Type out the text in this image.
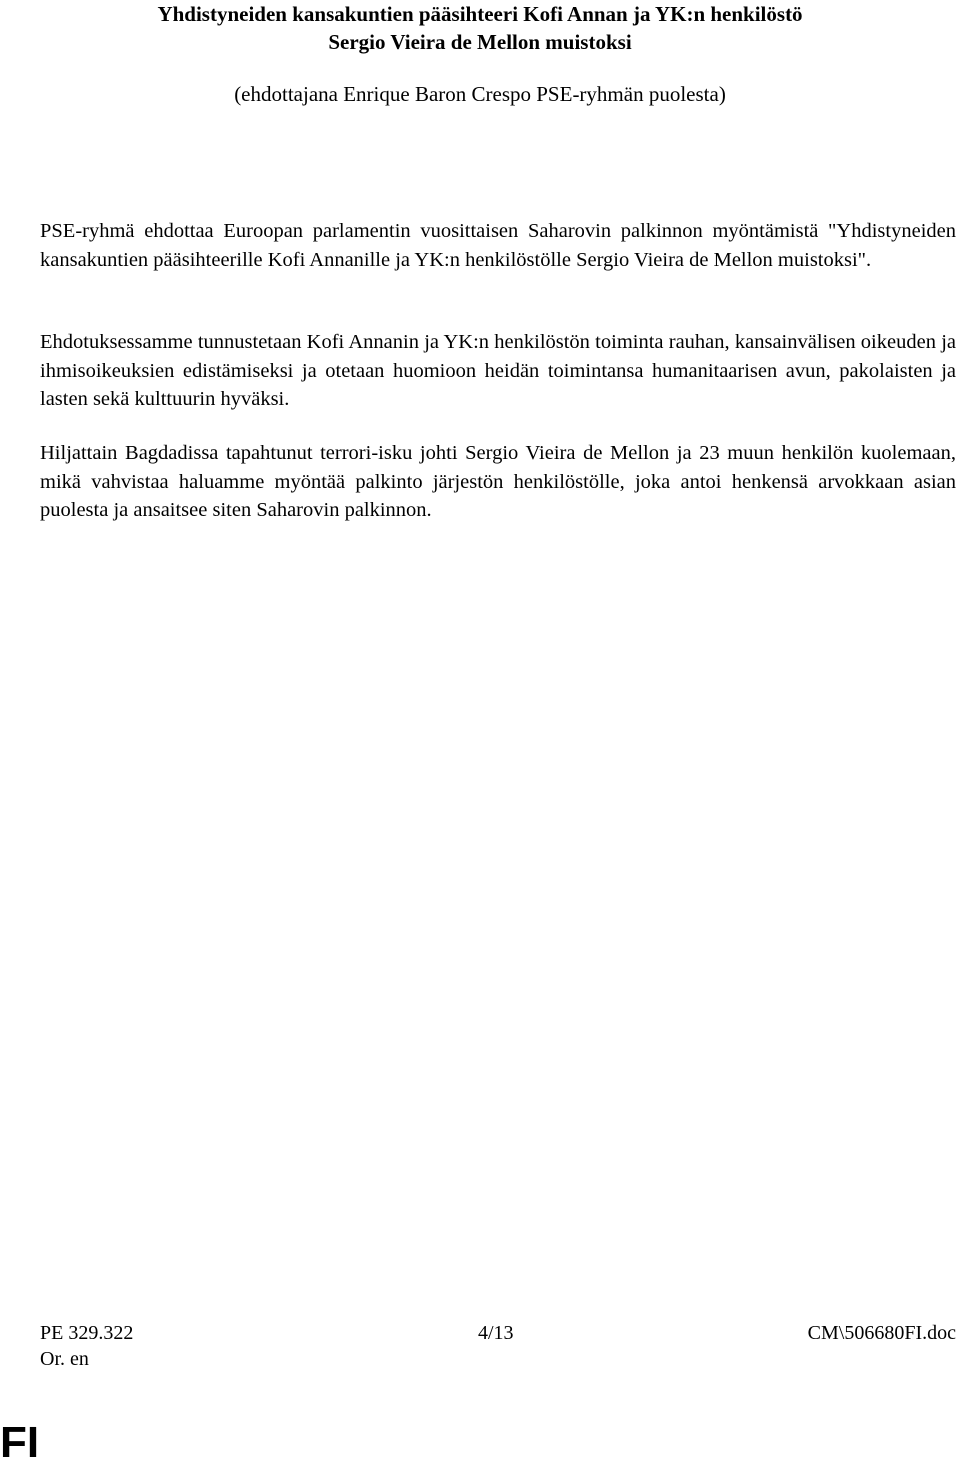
Yhdistyneiden kansakuntien pääsihteeri Kofi Annan ja YK:n henkilöstö
Sergio Vieira de Mellon muistoksi
(ehdottajana Enrique Baron Crespo PSE-ryhmän puolesta)

PSE-ryhmä ehdottaa Euroopan parlamentin vuosittaisen Saharovin palkinnon myöntämistä "Yhdistyneiden kansakuntien pääsihteerille Kofi Annanille ja YK:n henkilöstölle Sergio Vieira de Mellon muistoksi".

Ehdotuksessamme tunnustetaan Kofi Annanin ja YK:n henkilöstön toiminta rauhan, kansainvälisen oikeuden ja ihmisoikeuksien edistämiseksi ja otetaan huomioon heidän toimintansa humanitaarisen avun, pakolaisten ja lasten sekä kulttuurin hyväksi.

Hiljattain Bagdadissa tapahtunut terrori-isku johti Sergio Vieira de Mellon ja 23 muun henkilön kuolemaan, mikä vahvistaa haluamme myöntää palkinto järjestön henkilöstölle, joka antoi henkensä arvokkaan asian puolesta ja ansaitsee siten Saharovin palkinnon.

PE 329.322	4/13	CM\506680FI.doc
Or. en
FI
